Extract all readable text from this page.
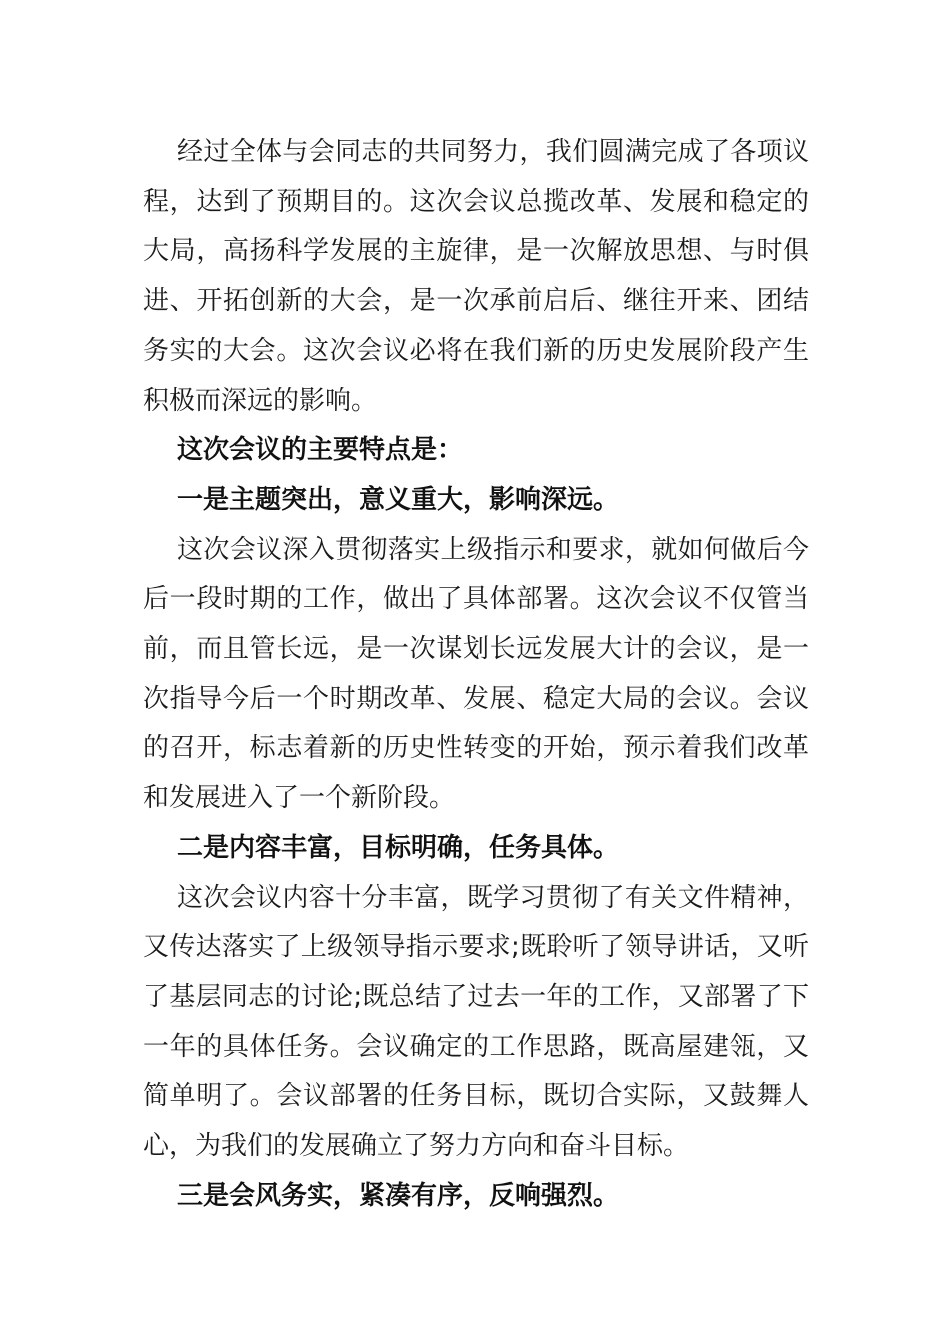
经过全体与会同志的共同努力，我们圆满完成了各项议程，达到了预期目的。这次会议总揽改革、发展和稳定的大局，高扬科学发展的主旋律，是一次解放思想、与时俱进、开拓创新的大会，是一次承前启后、继往开来、团结务实的大会。这次会议必将在我们新的历史发展阶段产生积极而深远的影响。

这次会议的主要特点是：

一是主题突出，意义重大，影响深远。

这次会议深入贯彻落实上级指示和要求，就如何做后今后一段时期的工作，做出了具体部署。这次会议不仅管当前，而且管长远，是一次谋划长远发展大计的会议，是一次指导今后一个时期改革、发展、稳定大局的会议。会议的召开，标志着新的历史性转变的开始，预示着我们改革和发展进入了一个新阶段。

二是内容丰富，目标明确，任务具体。

这次会议内容十分丰富，既学习贯彻了有关文件精神，又传达落实了上级领导指示要求;既聆听了领导讲话，又听了基层同志的讨论;既总结了过去一年的工作，又部署了下一年的具体任务。会议确定的工作思路，既高屋建瓴，又简单明了。会议部署的任务目标，既切合实际，又鼓舞人心，为我们的发展确立了努力方向和奋斗目标。

三是会风务实，紧凑有序，反响强烈。
